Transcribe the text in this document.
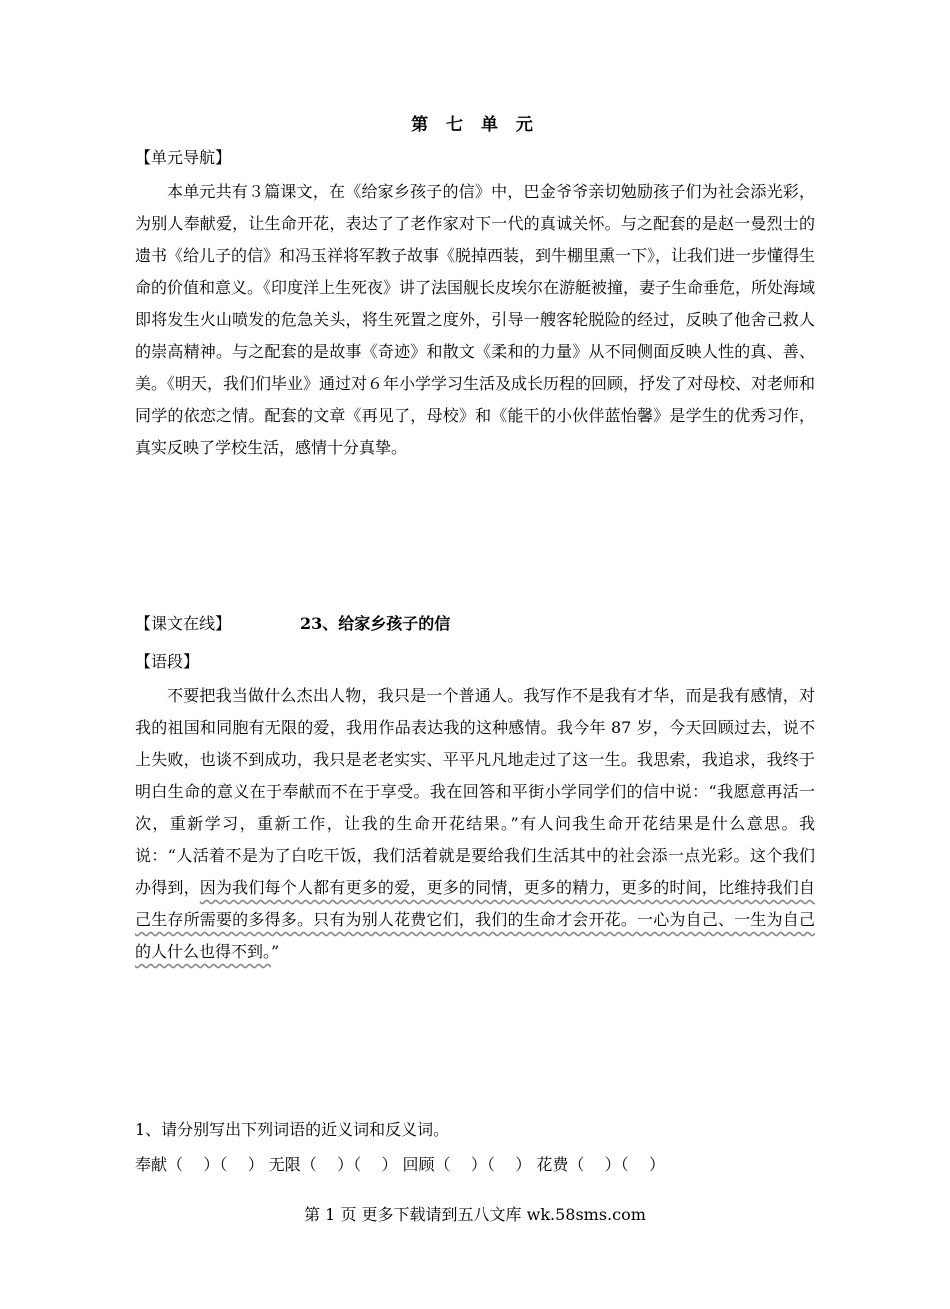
第 七 单 元
【单元导航】

本单元共有３篇课文，在《给家乡孩子的信》中，巴金爷爷亲切勉励孩子们为社会添光彩，为别人奉献爱，让生命开花，表达了了老作家对下一代的真诚关怀。与之配套的是赵一曼烈士的遗书《给儿子的信》和冯玉祥将军教子故事《脱掉西装，到牛棚里熏一下》，让我们进一步懂得生命的价值和意义。《印度洋上生死夜》讲了法国舰长皮埃尔在游艇被撞，妻子生命垂危，所处海域即将发生火山喷发的危急关头，将生死置之度外，引导一艘客轮脱险的经过，反映了他舍己救人的崇高精神。与之配套的是故事《奇迹》和散文《柔和的力量》从不同侧面反映人性的真、善、美。《明天，我们们毕业》通过对６年小学学习生活及成长历程的回顾，抒发了对母校、对老师和同学的依恋之情。配套的文章《再见了，母校》和《能干的小伙伴蓝怡馨》是学生的优秀习作，真实反映了学校生活，感情十分真挚。

【课文在线】	23、给家乡孩子的信
【语段】

不要把我当做什么杰出人物，我只是一个普通人。我写作不是我有才华，而是我有感情，对我的祖国和同胞有无限的爱，我用作品表达我的这种感情。我今年 87 岁，今天回顾过去，说不上失败，也谈不到成功，我只是老老实实、平平凡凡地走过了这一生。我思索，我追求，我终于明白生命的意义在于奉献而不在于享受。我在回答和平街小学同学们的信中说：“我愿意再活一次，重新学习，重新工作，让我的生命开花结果。”有人问我生命开花结果是什么意思。我说：“人活着不是为了白吃干饭，我们活着就是要给我们生活其中的社会添一点光彩。这个我们办得到，因为我们每个人都有更多的爱，更多的同情，更多的精力，更多的时间，比维持我们自己生存所需要的多得多。只有为别人花费它们，我们的生命才会开花。一心为自己、一生为自己的人什么也得不到。”

1、请分别写出下列词语的近义词和反义词。
奉献（    ）（    ） 无限（    ）（    ） 回顾（    ）（    ） 花费（    ）（    ）
第 1 页 更多下载请到五八文库 wk.58sms.com
